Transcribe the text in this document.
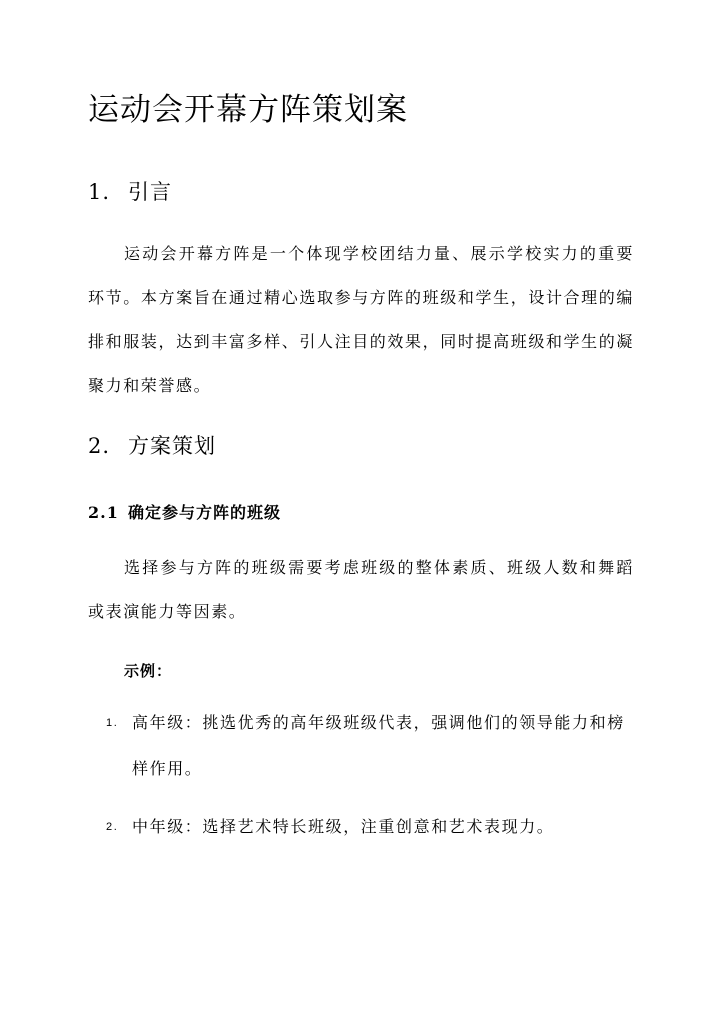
运动会开幕方阵策划案
1. 引言

运动会开幕方阵是一个体现学校团结力量、展示学校实力的重要环节。本方案旨在通过精心选取参与方阵的班级和学生，设计合理的编排和服装，达到丰富多样、引人注目的效果，同时提高班级和学生的凝聚力和荣誉感。

2. 方案策划
2.1 确定参与方阵的班级

选择参与方阵的班级需要考虑班级的整体素质、班级人数和舞蹈或表演能力等因素。

示例：

1. 高年级：挑选优秀的高年级班级代表，强调他们的领导能力和榜样作用。
2. 中年级：选择艺术特长班级，注重创意和艺术表现力。
